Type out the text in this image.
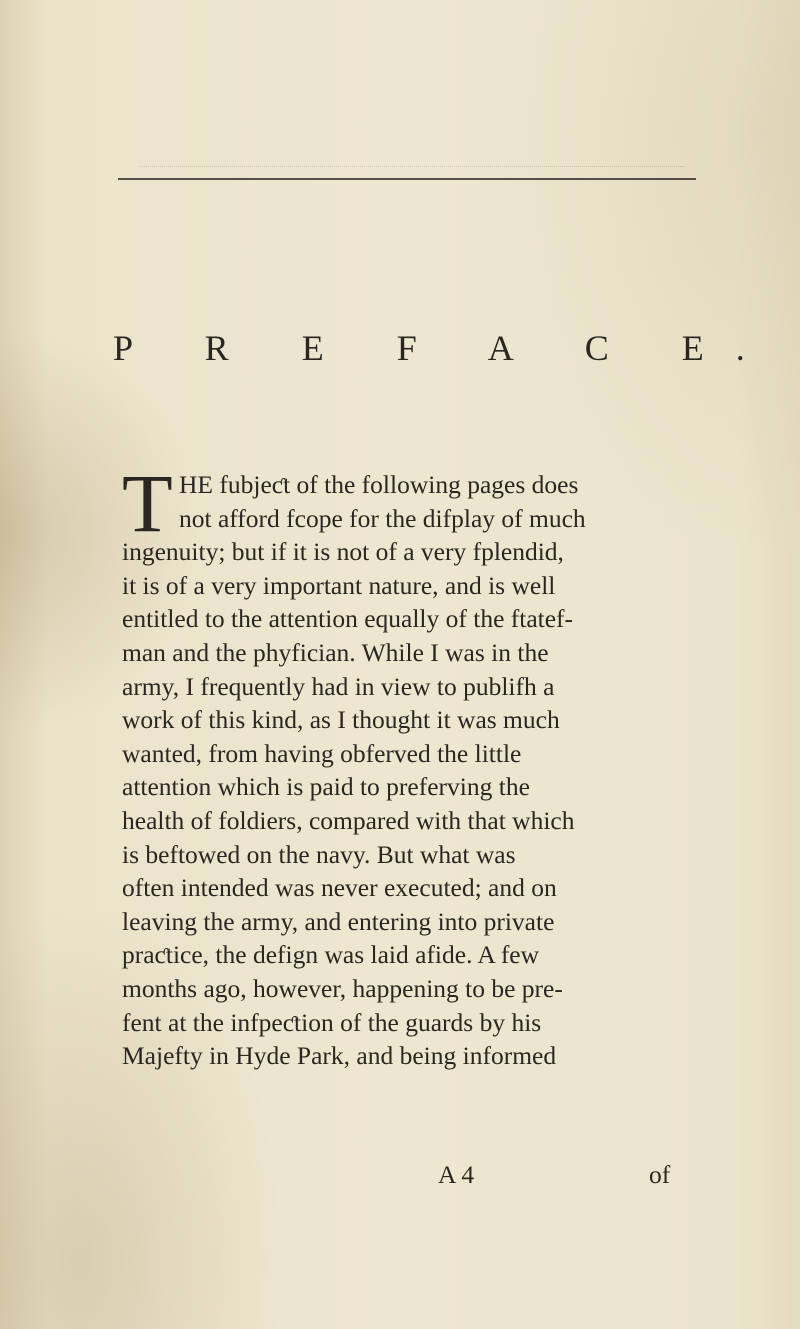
P R E F A C E.
T HE fubjeƈt of the following pages does
not afford fcope for the difplay of much
ingenuity; but if it is not of a very fplendid,
it is of a very important nature, and is well
entitled to the attention equally of the ftatef-
man and the phyfician. While I was in the
army, I frequently had in view to publifh a
work of this kind, as I thought it was much
wanted, from having obferved the little
attention which is paid to preferving the
health of foldiers, compared with that which
is beftowed on the navy. But what was
often intended was never executed; and on
leaving the army, and entering into private
praƈtice, the defign was laid afide. A few
months ago, however, happening to be pre-
fent at the infpeƈtion of the guards by his
Majefty in Hyde Park, and being informed
A 4	of
